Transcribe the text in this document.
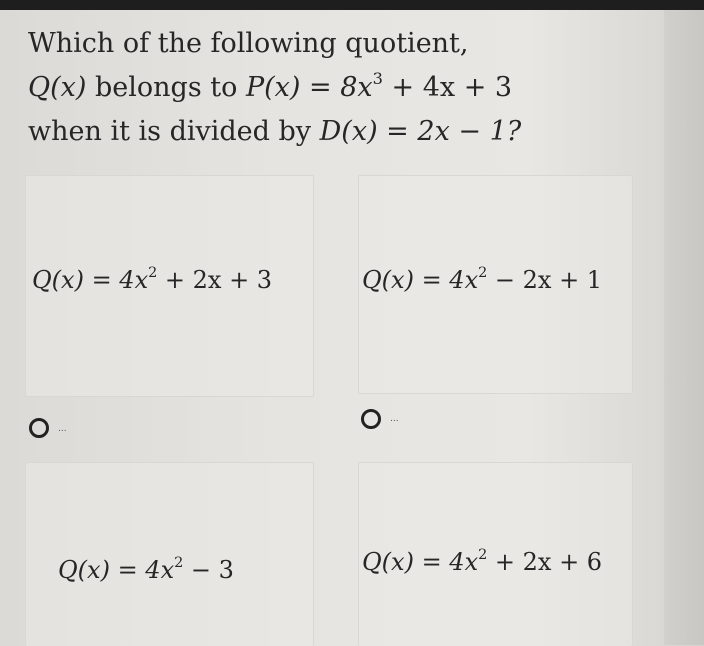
Which of the following quotient,
Q(x) belongs to $P(x) = 8x^3 + 4x + 3$
when it is divided by D(x) = 2x − 1?
$Q(x) = 4x^2 + 2x + 3$	$Q(x) = 4x^2 - 2x + 1$
$Q(x) = 4x^2 - 3$	$Q(x) = 4x^2 + 2x + 6$
...
...
